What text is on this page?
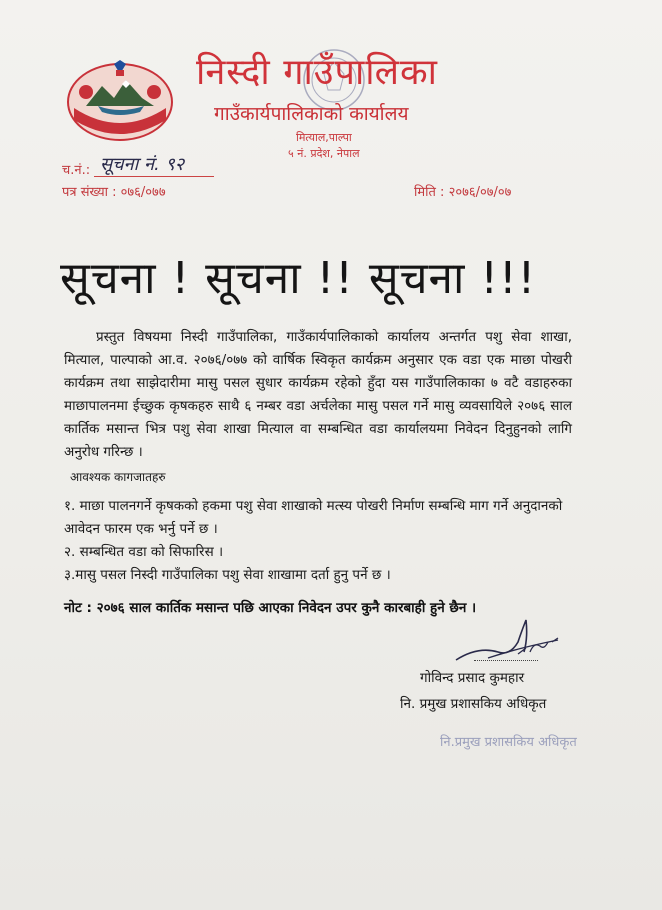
निस्दी गाउँपालिका
गाउँकार्यपालिकाको कार्यालय
मित्याल,पाल्पा
५ नं. प्रदेश, नेपाल
च.नं.: सूचना नं. ९२
पत्र संख्या : ०७६/०७७	मिति : २०७६/०७/०७
सूचना ! सूचना !! सूचना !!!
प्रस्तुत विषयमा निस्दी गाउँपालिका, गाउँकार्यपालिकाको कार्यालय अन्तर्गत पशु सेवा शाखा, मित्याल, पाल्पाको आ.व. २०७६/०७७ को वार्षिक स्विकृत कार्यक्रम अनुसार एक वडा एक माछा पोखरी कार्यक्रम तथा साझेदारीमा मासु पसल सुधार कार्यक्रम रहेको हुँदा यस गाउँपालिकाका ७ वटै वडाहरुका माछापालनमा ईच्छुक कृषकहरु साथै ६ नम्बर वडा अर्चलेका मासु पसल गर्ने मासु व्यवसायिले २०७६ साल कार्तिक मसान्त भित्र पशु सेवा शाखा मित्याल वा सम्बन्धित वडा कार्यालयमा निवेदन दिनुहुनको लागि अनुरोध गरिन्छ ।
आवश्यक कागजातहरु
१. माछा पालनगर्ने कृषकको हकमा पशु सेवा शाखाको मत्स्य पोखरी निर्माण सम्बन्धि माग गर्ने अनुदानको आवेदन फारम एक भर्नु पर्ने छ ।
२. सम्बन्धित वडा को सिफारिस ।
३.मासु पसल निस्दी गाउँपालिका पशु सेवा शाखामा दर्ता हुनु पर्ने छ ।
नोट : २०७६ साल कार्तिक मसान्त पछि आएका निवेदन उपर कुनै कारबाही हुने छैन ।
गोविन्द प्रसाद कुमहार
नि. प्रमुख प्रशासकिय अधिकृत
नि.प्रमुख प्रशासकिय अधिकृत
